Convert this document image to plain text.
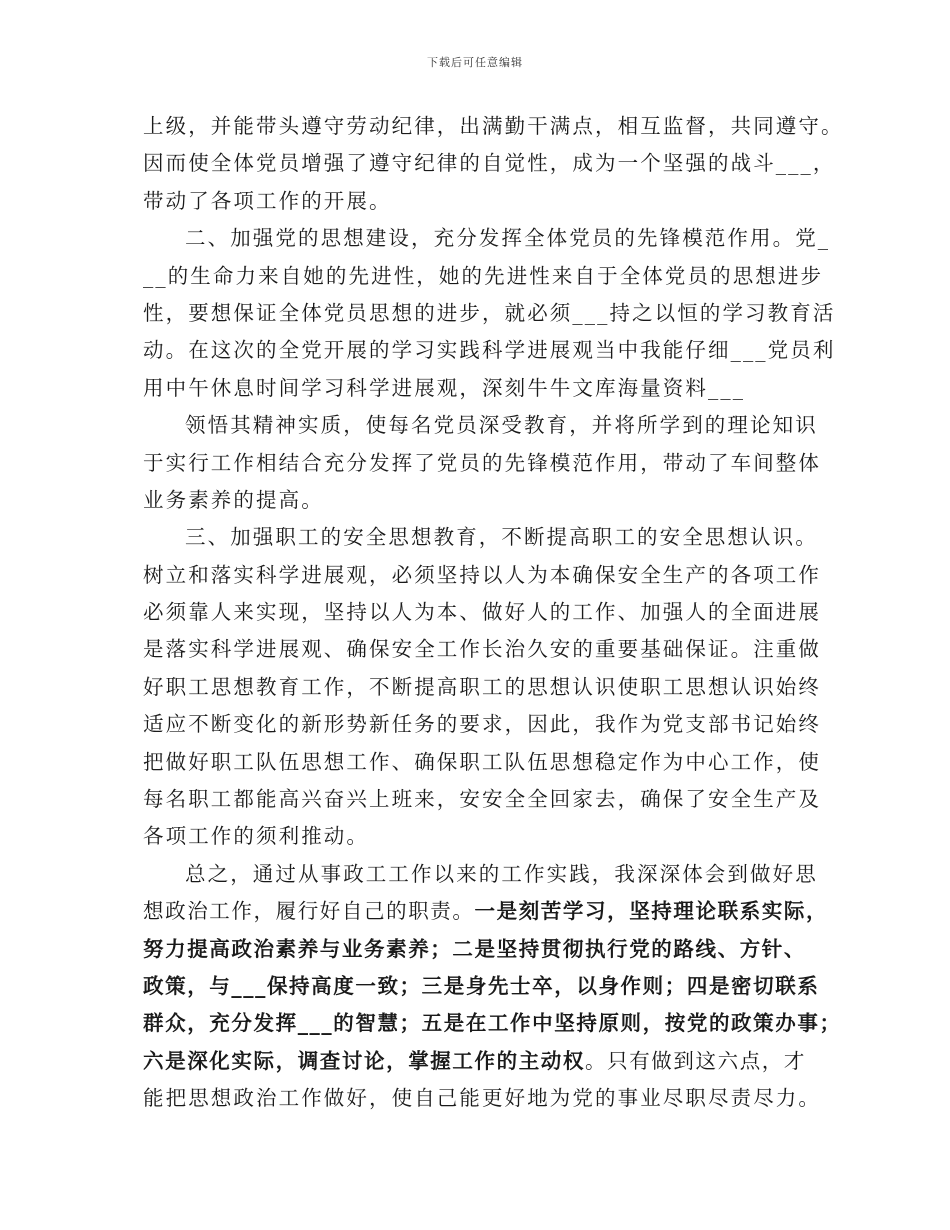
下载后可任意编辑
上级，并能带头遵守劳动纪律，出满勤干满点，相互监督，共同遵守。
因而使全体党员增强了遵守纪律的自觉性，成为一个坚强的战斗___，
带动了各项工作的开展。
二、加强党的思想建设，充分发挥全体党员的先锋模范作用。党_
__的生命力来自她的先进性，她的先进性来自于全体党员的思想进步
性，要想保证全体党员思想的进步，就必须___持之以恒的学习教育活
动。在这次的全党开展的学习实践科学进展观当中我能仔细___党员利
用中午休息时间学习科学进展观，深刻牛牛文库海量资料___
领悟其精神实质，使每名党员深受教育，并将所学到的理论知识
于实行工作相结合充分发挥了党员的先锋模范作用，带动了车间整体
业务素养的提高。
三、加强职工的安全思想教育，不断提高职工的安全思想认识。
树立和落实科学进展观，必须坚持以人为本确保安全生产的各项工作
必须靠人来实现，坚持以人为本、做好人的工作、加强人的全面进展
是落实科学进展观、确保安全工作长治久安的重要基础保证。注重做
好职工思想教育工作，不断提高职工的思想认识使职工思想认识始终
适应不断变化的新形势新任务的要求，因此，我作为党支部书记始终
把做好职工队伍思想工作、确保职工队伍思想稳定作为中心工作，使
每名职工都能高兴奋兴上班来，安安全全回家去，确保了安全生产及
各项工作的须利推动。
总之，通过从事政工工作以来的工作实践，我深深体会到做好思
想政治工作，履行好自己的职责。一是刻苦学习，坚持理论联系实际，
努力提高政治素养与业务素养；二是坚持贯彻执行党的路线、方针、
政策，与___保持高度一致；三是身先士卒，以身作则；四是密切联系
群众，充分发挥___的智慧；五是在工作中坚持原则，按党的政策办事；
六是深化实际，调查讨论，掌握工作的主动权。只有做到这六点，才
能把思想政治工作做好，使自己能更好地为党的事业尽职尽责尽力。
